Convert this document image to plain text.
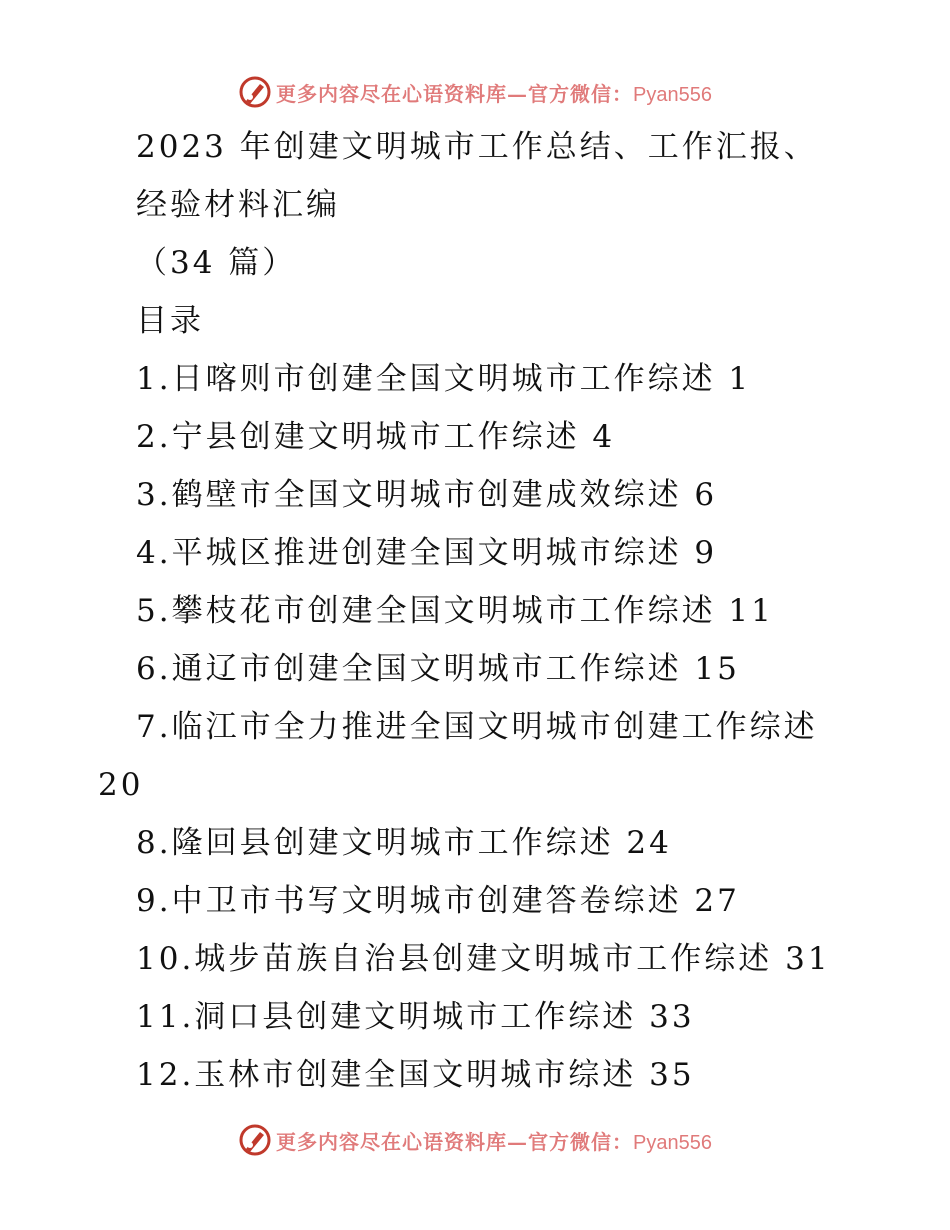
更多内容尽在心语资料库—官方微信：Pyan556
2023 年创建文明城市工作总结、工作汇报、
经验材料汇编
（34 篇）
目录
1.日喀则市创建全国文明城市工作综述 1
2.宁县创建文明城市工作综述 4
3.鹤壁市全国文明城市创建成效综述 6
4.平城区推进创建全国文明城市综述 9
5.攀枝花市创建全国文明城市工作综述 11
6.通辽市创建全国文明城市工作综述 15
7.临江市全力推进全国文明城市创建工作综述
20
8.隆回县创建文明城市工作综述 24
9.中卫市书写文明城市创建答卷综述 27
10.城步苗族自治县创建文明城市工作综述 31
11.洞口县创建文明城市工作综述 33
12.玉林市创建全国文明城市综述 35
更多内容尽在心语资料库—官方微信：Pyan556
